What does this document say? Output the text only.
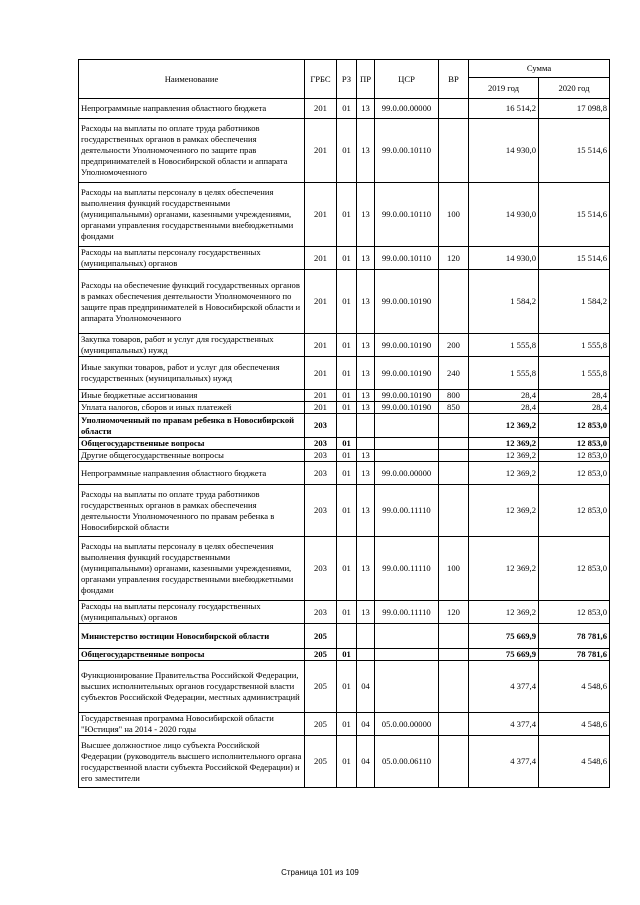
Наименование	ГРБС	РЗ	ПР	ЦСР	ВР	Сумма	
						2019 год	2020 год
Непрограммные направления областного бюджета	201	01	13	99.0.00.00000		16 514,2	17 098,8
Расходы на выплаты по оплате труда работников государственных органов в рамках обеспечения деятельности Уполномоченного по защите прав предпринимателей в Новосибирской области и аппарата Уполномоченного	201	01	13	99.0.00.10110		14 930,0	15 514,6
Расходы на выплаты персоналу в целях обеспечения выполнения функций государственными (муниципальными) органами, казенными учреждениями, органами управления государственными внебюджетными фондами	201	01	13	99.0.00.10110	100	14 930,0	15 514,6
Расходы на выплаты персоналу государственных (муниципальных) органов	201	01	13	99.0.00.10110	120	14 930,0	15 514,6
Расходы на обеспечение функций государственных органов в рамках обеспечения деятельности Уполномоченного по защите прав предпринимателей в Новосибирской области и аппарата Уполномоченного	201	01	13	99.0.00.10190		1 584,2	1 584,2
Закупка товаров, работ и услуг для государственных (муниципальных) нужд	201	01	13	99.0.00.10190	200	1 555,8	1 555,8
Иные закупки товаров, работ и услуг для обеспечения государственных (муниципальных) нужд	201	01	13	99.0.00.10190	240	1 555,8	1 555,8
Иные бюджетные ассигнования	201	01	13	99.0.00.10190	800	28,4	28,4
Уплата налогов, сборов и иных платежей	201	01	13	99.0.00.10190	850	28,4	28,4
Уполномоченный по правам ребенка в Новосибирской области	203					12 369,2	12 853,0
Общегосударственные вопросы	203	01				12 369,2	12 853,0
Другие общегосударственные вопросы	203	01	13			12 369,2	12 853,0
Непрограммные направления областного бюджета	203	01	13	99.0.00.00000		12 369,2	12 853,0
Расходы на выплаты по оплате труда работников государственных органов в рамках обеспечения деятельности Уполномоченного по правам ребенка в Новосибирской области	203	01	13	99.0.00.11110		12 369,2	12 853,0
Расходы на выплаты персоналу в целях обеспечения выполнения функций государственными (муниципальными) органами, казенными учреждениями, органами управления государственными внебюджетными фондами	203	01	13	99.0.00.11110	100	12 369,2	12 853,0
Расходы на выплаты персоналу государственных (муниципальных) органов	203	01	13	99.0.00.11110	120	12 369,2	12 853,0
Министерство юстиции Новосибирской области	205					75 669,9	78 781,6
Общегосударственные вопросы	205	01				75 669,9	78 781,6
Функционирование Правительства Российской Федерации, высших исполнительных органов государственной власти субъектов Российской Федерации, местных администраций	205	01	04			4 377,4	4 548,6
Государственная программа Новосибирской области "Юстиция" на 2014 - 2020 годы	205	01	04	05.0.00.00000		4 377,4	4 548,6
Высшее должностное лицо субъекта Российской Федерации (руководитель высшего исполнительного органа государственной власти субъекта Российской Федерации) и его заместители	205	01	04	05.0.00.06110		4 377,4	4 548,6
Страница 101 из 109
